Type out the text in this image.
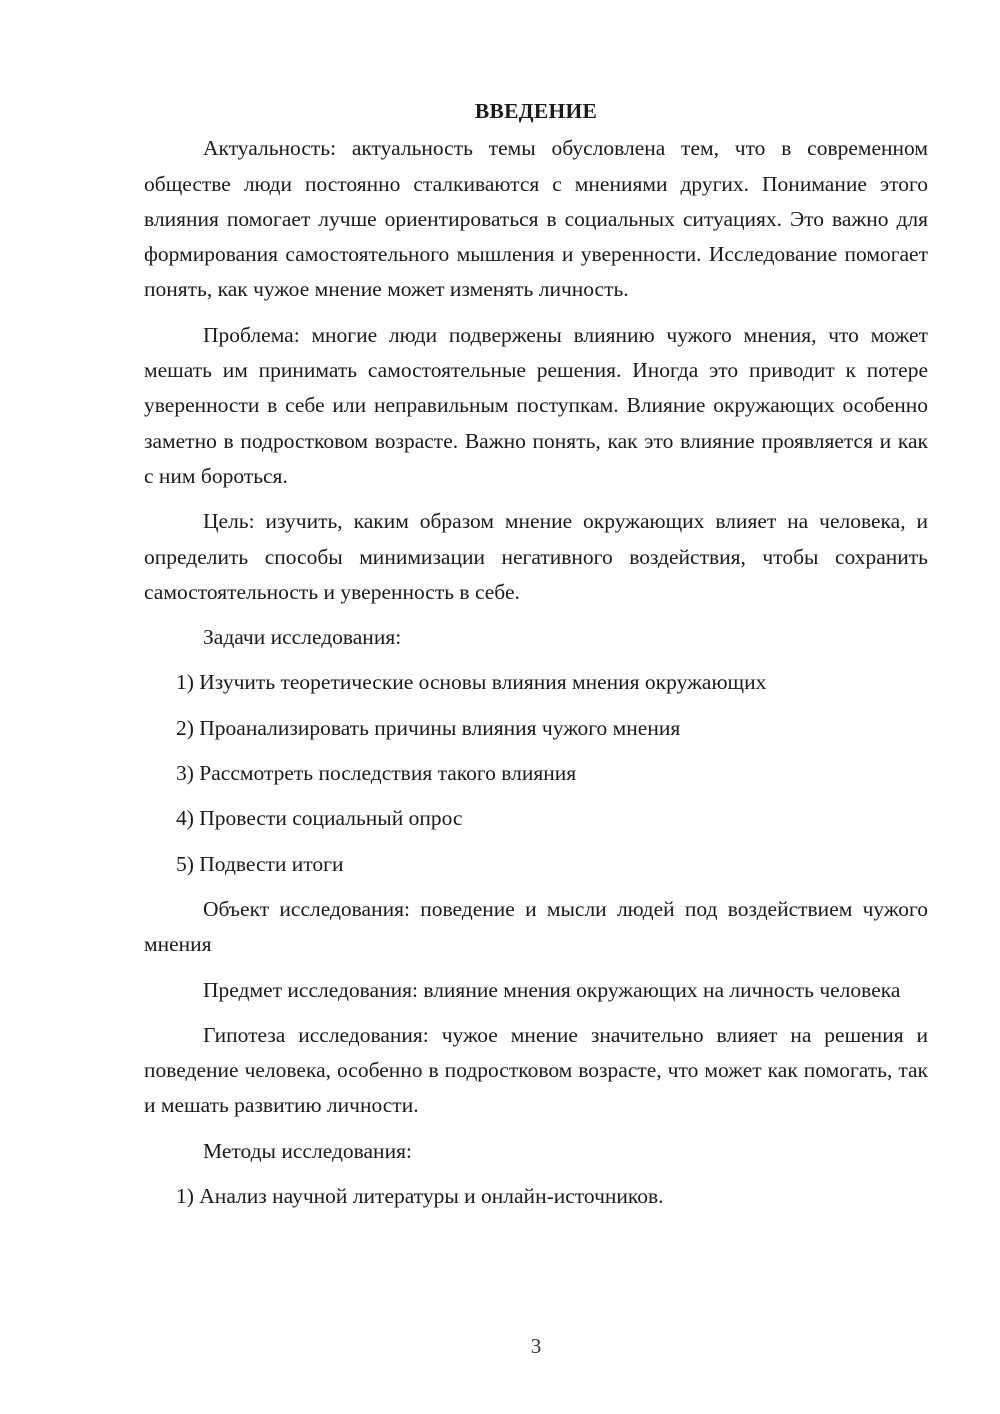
ВВЕДЕНИЕ

Актуальность: актуальность темы обусловлена тем, что в современном обществе люди постоянно сталкиваются с мнениями других. Понимание этого влияния помогает лучше ориентироваться в социальных ситуациях. Это важно для формирования самостоятельного мышления и уверенности. Исследование помогает понять, как чужое мнение может изменять личность.

Проблема: многие люди подвержены влиянию чужого мнения, что может мешать им принимать самостоятельные решения. Иногда это приводит к потере уверенности в себе или неправильным поступкам. Влияние окружающих особенно заметно в подростковом возрасте. Важно понять, как это влияние проявляется и как с ним бороться.

Цель: изучить, каким образом мнение окружающих влияет на человека, и определить способы минимизации негативного воздействия, чтобы сохранить самостоятельность и уверенность в себе.

Задачи исследования:

1) Изучить теоретические основы влияния мнения окружающих

2) Проанализировать причины влияния чужого мнения

3) Рассмотреть последствия такого влияния

4) Провести социальный опрос

5) Подвести итоги

Объект исследования: поведение и мысли людей под воздействием чужого мнения

Предмет исследования: влияние мнения окружающих на личность человека

Гипотеза исследования: чужое мнение значительно влияет на решения и поведение человека, особенно в подростковом возрасте, что может как помогать, так и мешать развитию личности.

Методы исследования:

1) Анализ научной литературы и онлайн-источников.

3
